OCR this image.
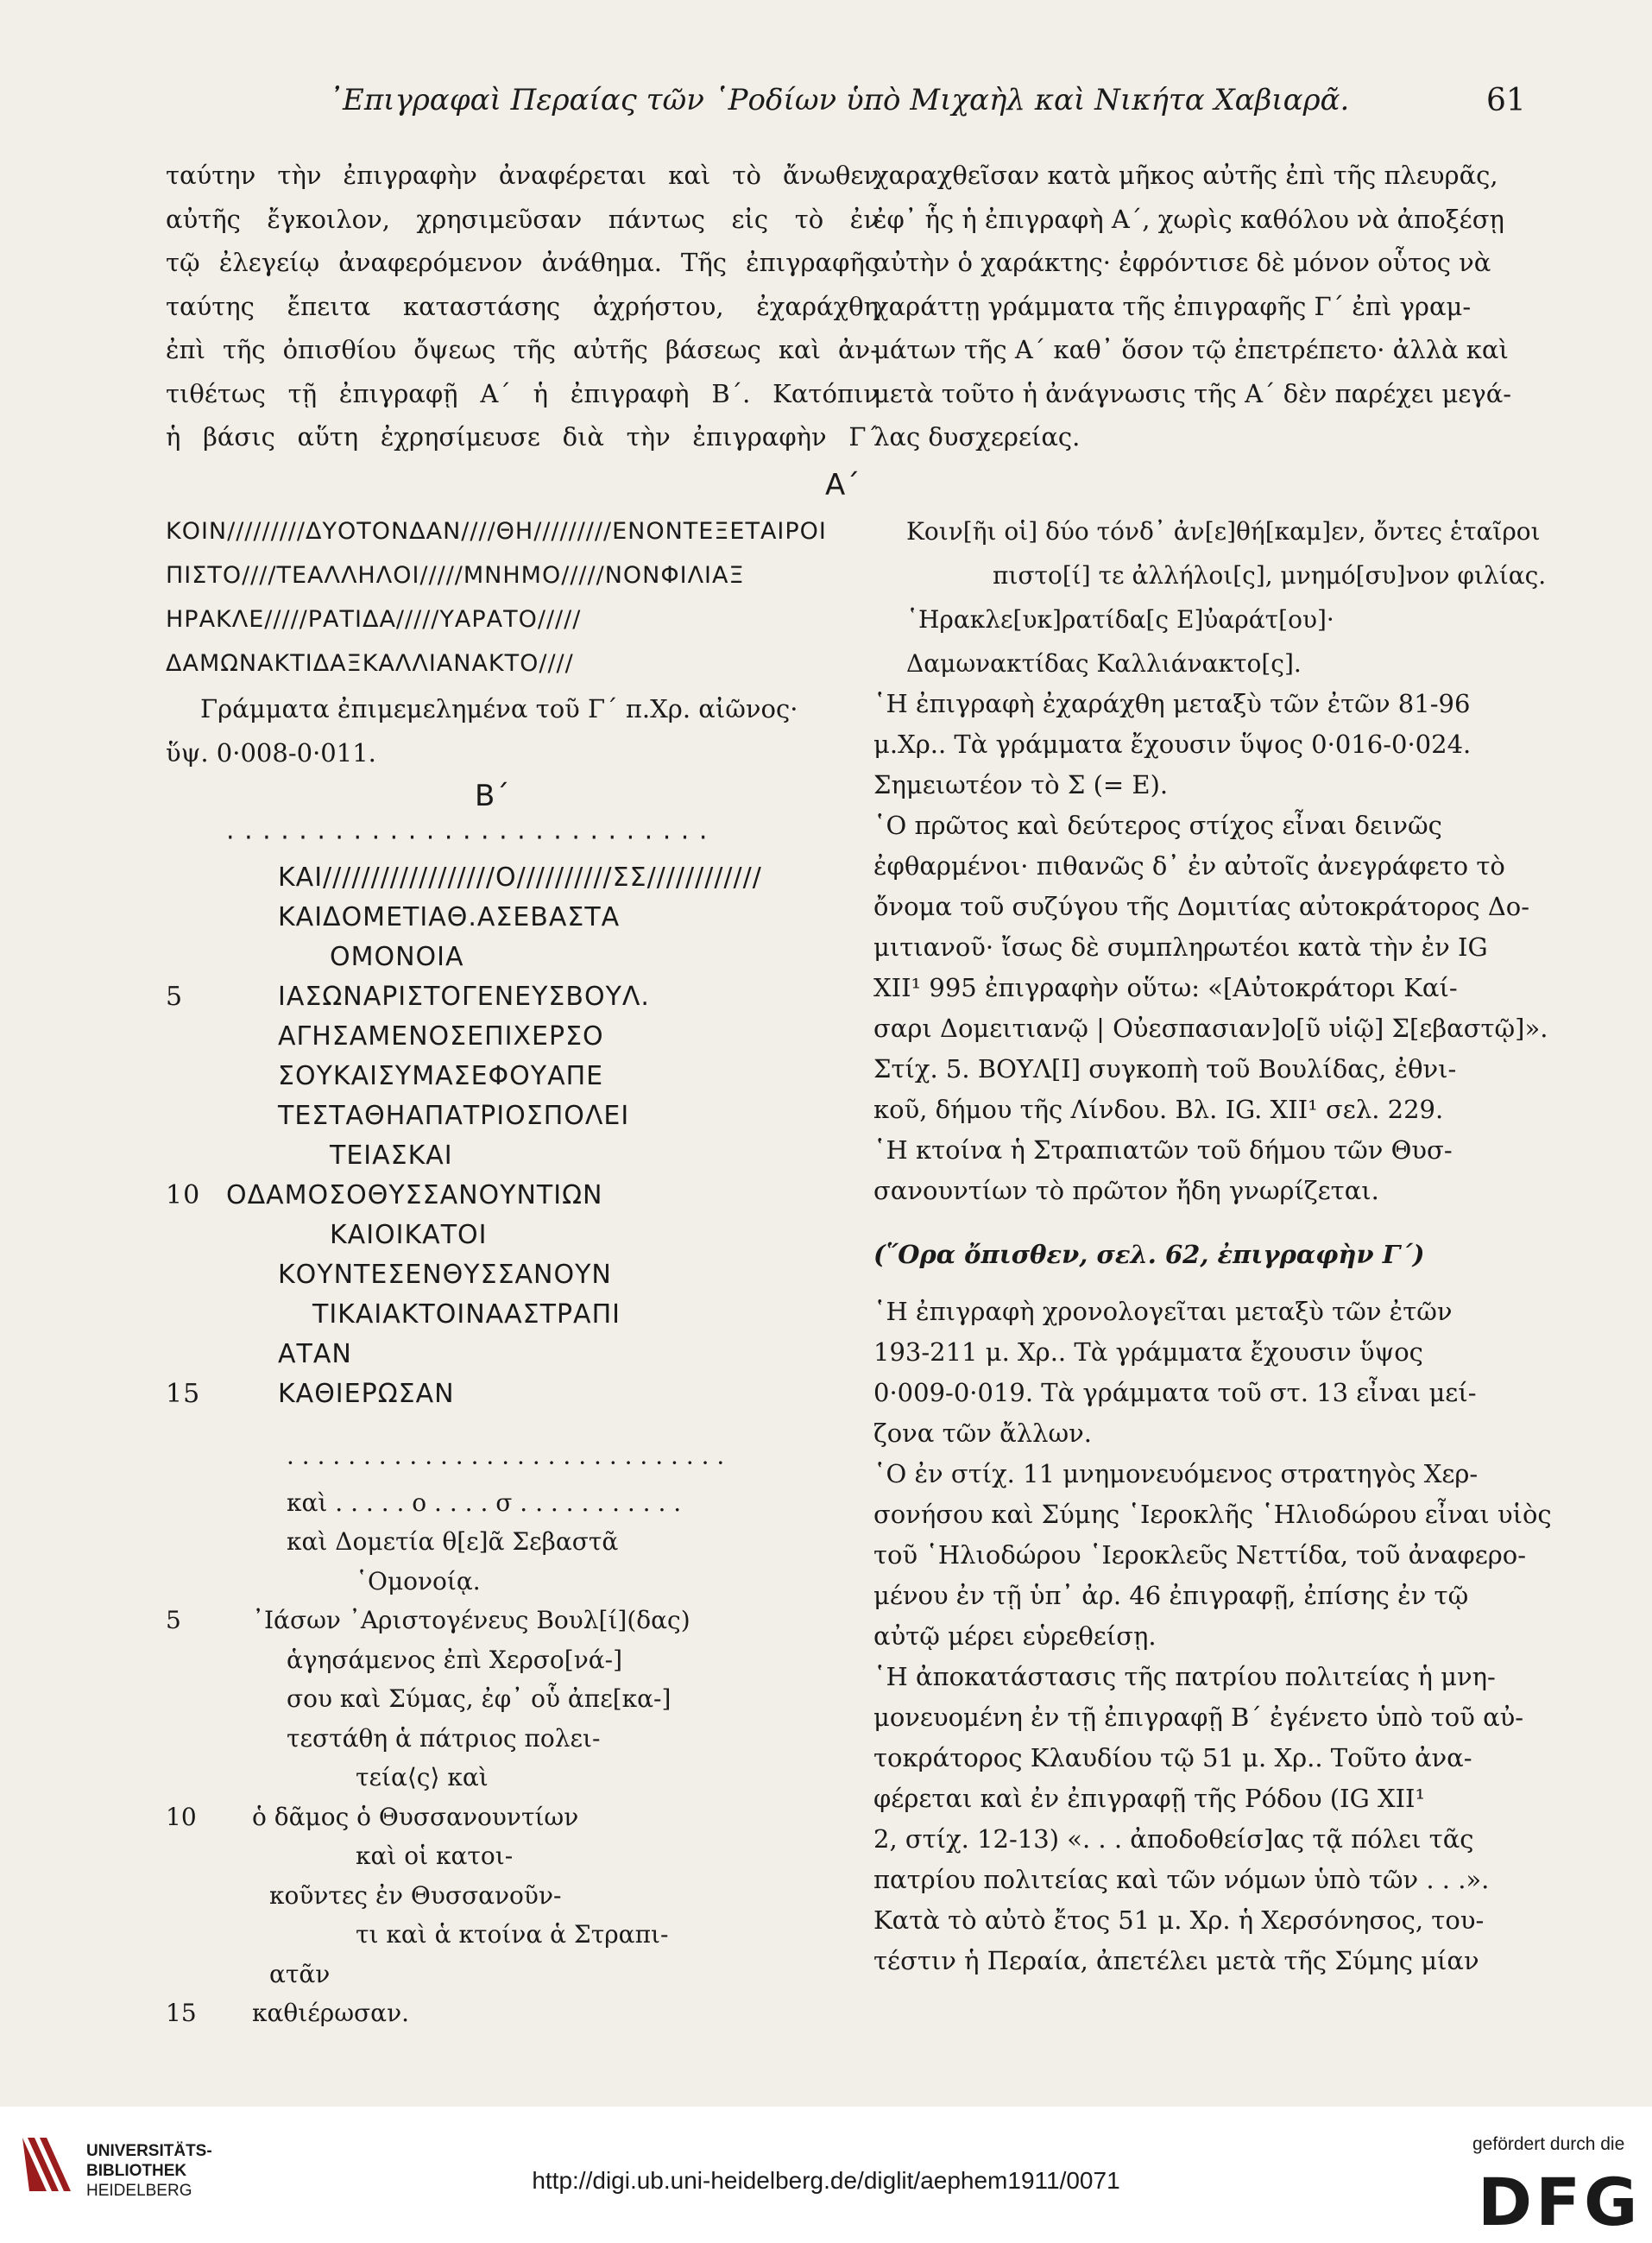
᾿Επιγραφαὶ Περαίας τῶν ῾Ροδίων ὑπὸ Μιχαὴλ καὶ Νικήτα Χαβιαρᾶ.	61
ταύτην τὴν ἐπιγραφὴν ἀναφέρεται καὶ τὸ ἄνωθεν
αὐτῆς ἔγκοιλον, χρησιμεῦσαν πάντως εἰς τὸ ἐν
τῷ ἐλεγείῳ ἀναφερόμενον ἀνάθημα. Τῆς ἐπιγραφῆς
ταύτης ἔπειτα καταστάσης ἀχρήστου, ἐχαράχθη
ἐπὶ τῆς ὀπισθίου ὄψεως τῆς αὐτῆς βάσεως καὶ ἀν-
τιθέτως τῇ ἐπιγραφῇ Α΄ ἡ ἐπιγραφὴ Β΄. Κατόπιν
ἡ βάσις αὕτη ἐχρησίμευσε διὰ τὴν ἐπιγραφὴν Γ΄
χαραχθεῖσαν κατὰ μῆκος αὐτῆς ἐπὶ τῆς πλευρᾶς,
ἐφ᾿ ἧς ἡ ἐπιγραφὴ Α΄, χωρὶς καθόλου νὰ ἀποξέσῃ
αὐτὴν ὁ χαράκτης· ἐφρόντισε δὲ μόνον οὗτος νὰ
χαράττῃ γράμματα τῆς ἐπιγραφῆς Γ΄ ἐπὶ γραμ-
μάτων τῆς Α΄ καθ᾿ ὅσον τῷ ἐπετρέπετο· ἀλλὰ καὶ
μετὰ τοῦτο ἡ ἀνάγνωσις τῆς Α΄ δὲν παρέχει μεγά-
λας δυσχερείας.
Α΄
ΚΟΙΝ/////////ΔΥΟΤΟΝΔΑΝ////ΘΗ/////////ΕΝΟΝΤΕΞΕΤΑΙΡΟΙ
ΠΙΣΤΟ////ΤΕΑΛΛΗΛΟΙ/////ΜΝΗΜΟ/////ΝΟΝΦΙΛΙΑΞ
ΗΡΑΚΛΕ/////ΡΑΤΙΔΑ/////ΥΑΡΑΤΟ/////
ΔΑΜΩΝΑΚΤΙΔΑΞΚΑΛΛΙΑΝΑΚΤΟ////
Κοιν[ῆι οἱ] δύο τόνδ᾿ ἀν[ε]θή[καμ]εν, ὄντες ἑταῖροι
πιστο[ί] τε ἀλλήλοι[ς], μνημό[συ]νον φιλίας.
῾Ηρακλε[υκ]ρατίδα[ς Ε]ὐαράτ[ου]·
Δαμωνακτίδας Καλλιάνακτο[ς].
Γράμματα ἐπιμεμελημένα τοῦ Γ΄ π.Χρ. αἰῶνος·
ὕψ. 0·008-0·011.
Β΄
· · · · · · · · · · · · · · · · · · · · · · · · · · ·
ΚΑΙ//////////////////Ο//////////ΣΣ////////////
ΚΑΙΔΟΜΕΤΙΑΘ.ΑΣΕΒΑΣΤΑ
ΟΜΟΝΟΙΑ
5	ΙΑΣΩΝΑΡΙΣΤΟΓΕΝΕΥΣΒΟΥΛ.
ΑΓΗΣΑΜΕΝΟΣΕΠΙΧΕΡΣΟ
ΣΟΥΚΑΙΣΥΜΑΣΕΦΟΥΑΠΕ
ΤΕΣΤΑΘΗΑΠΑΤΡΙΟΣΠΟΛΕΙ
ΤΕΙΑΣΚΑΙ
10 ΟΔΑΜΟΣΟΘΥΣΣΑΝΟΥΝΤΙΩΝ
ΚΑΙΟΙΚΑΤΟΙ
ΚΟΥΝΤΕΣΕΝΘΥΣΣΑΝΟΥΝ
ΤΙΚΑΙΑΚΤΟΙΝΑΑΣΤΡΑΠΙ
ΑΤΑΝ
15	ΚΑΘΙΕΡΩΣΑΝ
· · · · · · · · · · · · · · · · · · · · · · · · · · · · ·
καὶ . . . . . ο . . . . σ . . . . . . . . . . .
καὶ Δομετία θ[ε]ᾶ Σεβαστᾶ
῾Ομονοίᾳ.
5	᾿Ιάσων ᾿Αριστογένευς Βουλ[ί](δας)
ἁγησάμενος ἐπὶ Χερσο[νά-]
σου καὶ Σύμας, ἐφ᾿ οὗ ἀπε[κα-]
τεστάθη ἁ πάτριος πολει-
τεία⟨ς⟩ καὶ
10 ὁ δᾶμος ὁ Θυσσανουντίων
καὶ οἱ κατοι-
κοῦντες ἐν Θυσσανοῦν-
τι καὶ ἁ κτοίνα ἁ Στραπι-
ατᾶν
15 καθιέρωσαν.
῾Η ἐπιγραφὴ ἐχαράχθη μεταξὺ τῶν ἐτῶν 81-96
μ.Χρ.. Τὰ γράμματα ἔχουσιν ὕψος 0·016-0·024.
Σημειωτέον τὸ Σ (= Ε).
῾Ο πρῶτος καὶ δεύτερος στίχος εἶναι δεινῶς
ἐφθαρμένοι· πιθανῶς δ᾿ ἐν αὐτοῖς ἀνεγράφετο τὸ
ὄνομα τοῦ συζύγου τῆς Δομιτίας αὐτοκράτορος Δο-
μιτιανοῦ· ἴσως δὲ συμπληρωτέοι κατὰ τὴν ἐν IG
XII¹ 995 ἐπιγραφὴν οὕτω: «[Αὐτοκράτορι Καί-
σαρι Δομειτιανῷ | Οὐεσπασιαν]ο[ῦ υἱῷ] Σ[εβαστῷ]».
Στίχ. 5. ΒΟΥΛ[Ι] συγκοπὴ τοῦ Βουλίδας, ἐθνι-
κοῦ, δήμου τῆς Λίνδου. Βλ. IG. XII¹ σελ. 229.
῾Η κτοίνα ἡ Στραπιατῶν τοῦ δήμου τῶν Θυσ-
σανουντίων τὸ πρῶτον ἤδη γνωρίζεται.
(῞Ορα ὄπισθεν, σελ. 62, ἐπιγραφὴν Γ΄)
῾Η ἐπιγραφὴ χρονολογεῖται μεταξὺ τῶν ἐτῶν
193-211 μ. Χρ.. Τὰ γράμματα ἔχουσιν ὕψος
0·009-0·019. Τὰ γράμματα τοῦ στ. 13 εἶναι μεί-
ζονα τῶν ἄλλων.
῾Ο ἐν στίχ. 11 μνημονευόμενος στρατηγὸς Χερ-
σονήσου καὶ Σύμης ῾Ιεροκλῆς ῾Ηλιοδώρου εἶναι υἱὸς
τοῦ ῾Ηλιοδώρου ῾Ιεροκλεῦς Νεττίδα, τοῦ ἀναφερο-
μένου ἐν τῇ ὑπ᾿ ἀρ. 46 ἐπιγραφῇ, ἐπίσης ἐν τῷ
αὐτῷ μέρει εὑρεθείσῃ.
῾Η ἀποκατάστασις τῆς πατρίου πολιτείας ἡ μνη-
μονευομένη ἐν τῇ ἐπιγραφῇ Β΄ ἐγένετο ὑπὸ τοῦ αὐ-
τοκράτορος Κλαυδίου τῷ 51 μ. Χρ.. Τοῦτο ἀνα-
φέρεται καὶ ἐν ἐπιγραφῇ τῆς Ρόδου (IG XII¹
2, στίχ. 12-13) «. . . ἀποδοθείσ]ας τᾷ πόλει τᾶς
πατρίου πολιτείας καὶ τῶν νόμων ὑπὸ τῶν . . .».
Κατὰ τὸ αὐτὸ ἔτος 51 μ. Χρ. ἡ Χερσόνησος, του-
τέστιν ἡ Περαία, ἀπετέλει μετὰ τῆς Σύμης μίαν
UNIVERSITÄTS-
BIBLIOTHEK
HEIDELBERG	http://digi.ub.uni-heidelberg.de/diglit/aephem1911/0071
gefördert durch die
DFG
